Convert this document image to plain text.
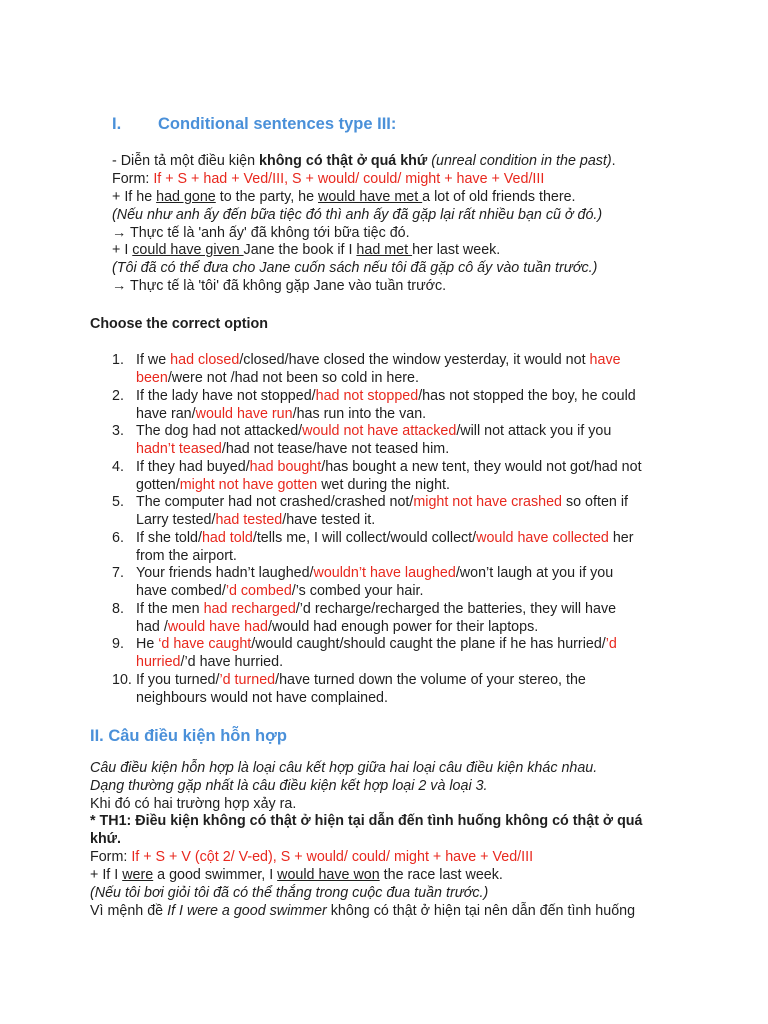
I. Conditional sentences type III:
- Diễn tả một điều kiện không có thật ở quá khứ (unreal condition in the past).
Form: If + S + had + Ved/III, S + would/ could/ might + have + Ved/III
+ If he had gone to the party, he would have met a lot of old friends there.
(Nếu như anh ấy đến bữa tiệc đó thì anh ấy đã gặp lại rất nhiều bạn cũ ở đó.)
→ Thực tế là 'anh ấy' đã không tới bữa tiệc đó.
+ I could have given Jane the book if I had met her last week.
(Tôi đã có thể đưa cho Jane cuốn sách nếu tôi đã gặp cô ấy vào tuần trước.)
→ Thực tế là 'tôi' đã không gặp Jane vào tuần trước.
Choose the correct option
1. If we had closed/closed/have closed the window yesterday, it would not have
been/were not /had not been so cold in here.
2. If the lady have not stopped/had not stopped/has not stopped the boy, he could
have ran/would have run/has run into the van.
3. The dog had not attacked/would not have attacked/will not attack you if you
hadn’t teased/had not tease/have not teased him.
4. If they had buyed/had bought/has bought a new tent, they would not got/had not
gotten/might not have gotten wet during the night.
5. The computer had not crashed/crashed not/might not have crashed so often if
Larry tested/had tested/have tested it.
6. If she told/had told/tells me, I will collect/would collect/would have collected her
from the airport.
7. Your friends hadn’t laughed/wouldn’t have laughed/won’t laugh at you if you
have combed/’d combed/’s combed your hair.
8. If the men had recharged/’d recharge/recharged the batteries, they will have
had /would have had/would had enough power for their laptops.
9. He ‘d have caught/would caught/should caught the plane if he has hurried/’d
hurried/’d have hurried.
10. If you turned/’d turned/have turned down the volume of your stereo, the
neighbours would not have complained.
II. Câu điều kiện hỗn hợp
Câu điều kiện hỗn hợp là loại câu kết hợp giữa hai loại câu điều kiện khác nhau.
Dạng thường gặp nhất là câu điều kiện kết hợp loại 2 và loại 3.
Khi đó có hai trường hợp xảy ra.
* TH1: Điều kiện không có thật ở hiện tại dẫn đến tình huống không có thật ở quá
khứ.
Form: If + S + V (cột 2/ V-ed), S + would/ could/ might + have + Ved/III
+ If I were a good swimmer, I would have won the race last week.
(Nếu tôi bơi giỏi tôi đã có thể thắng trong cuộc đua tuần trước.)
Vì mệnh đề If I were a good swimmer không có thật ở hiện tại nên dẫn đến tình huống
